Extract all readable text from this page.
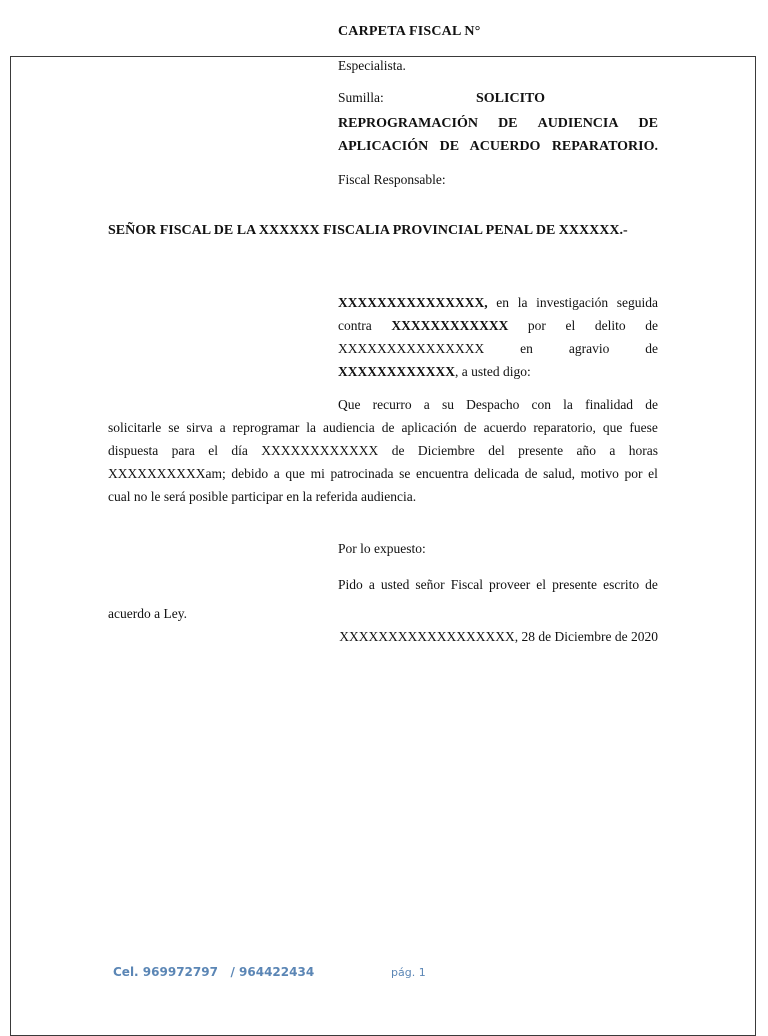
CARPETA FISCAL N°
Especialista.
Sumilla:	SOLICITO
REPROGRAMACIÓN DE AUDIENCIA DE
APLICACIÓN DE ACUERDO REPARATORIO.
Fiscal Responsable:
SEÑOR FISCAL DE LA XXXXXX FISCALIA PROVINCIAL PENAL DE XXXXXX.-
XXXXXXXXXXXXXXX, en la investigación seguida
contra XXXXXXXXXXXX por el delito de
XXXXXXXXXXXXXXX	en	agravio	de
XXXXXXXXXXXX, a usted digo:
Que recurro a su Despacho con la finalidad de
solicitarle se sirva a reprogramar la audiencia de aplicación de acuerdo reparatorio, que fuese
dispuesta para el día XXXXXXXXXXXX de Diciembre del presente año a horas
XXXXXXXXXXam; debido a que mi patrocinada se encuentra delicada de salud, motivo por el
cual no le será posible participar en la referida audiencia.
Por lo expuesto:
Pido a usted señor Fiscal proveer el presente escrito de
acuerdo a Ley.
XXXXXXXXXXXXXXXXXX, 28 de Diciembre de 2020
Cel. 969972797   / 964422434	pág. 1
